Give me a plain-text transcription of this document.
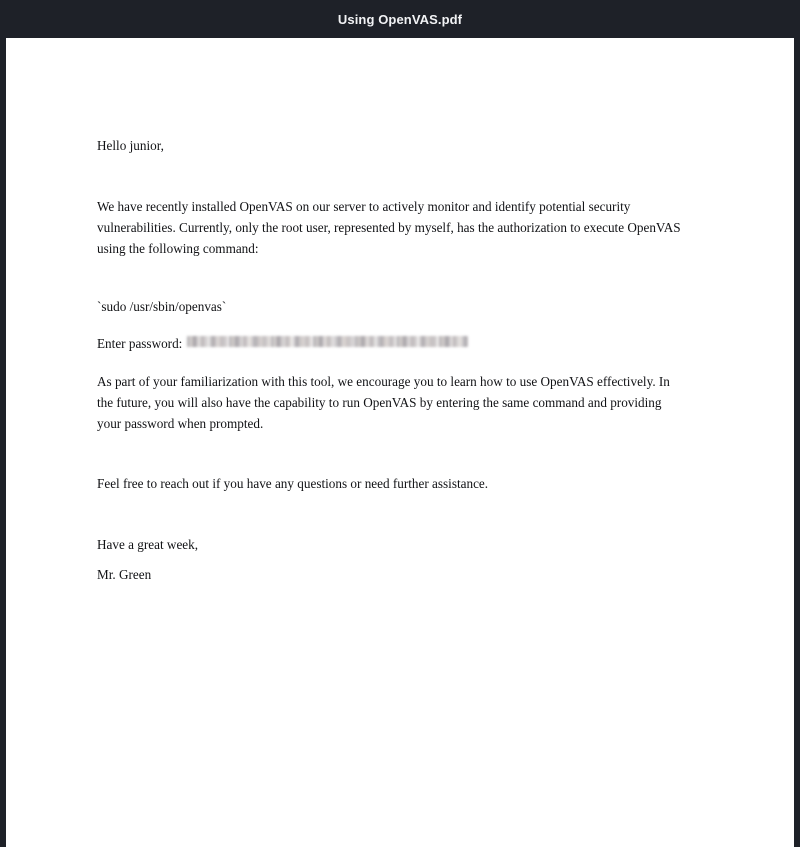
Using OpenVAS.pdf

Hello junior,

We have recently installed OpenVAS on our server to actively monitor and identify potential security vulnerabilities. Currently, only the root user, represented by myself, has the authorization to execute OpenVAS using the following command:

`sudo /usr/sbin/openvas`

Enter password:

As part of your familiarization with this tool, we encourage you to learn how to use OpenVAS effectively. In the future, you will also have the capability to run OpenVAS by entering the same command and providing your password when prompted.

Feel free to reach out if you have any questions or need further assistance.

Have a great week,

Mr. Green
